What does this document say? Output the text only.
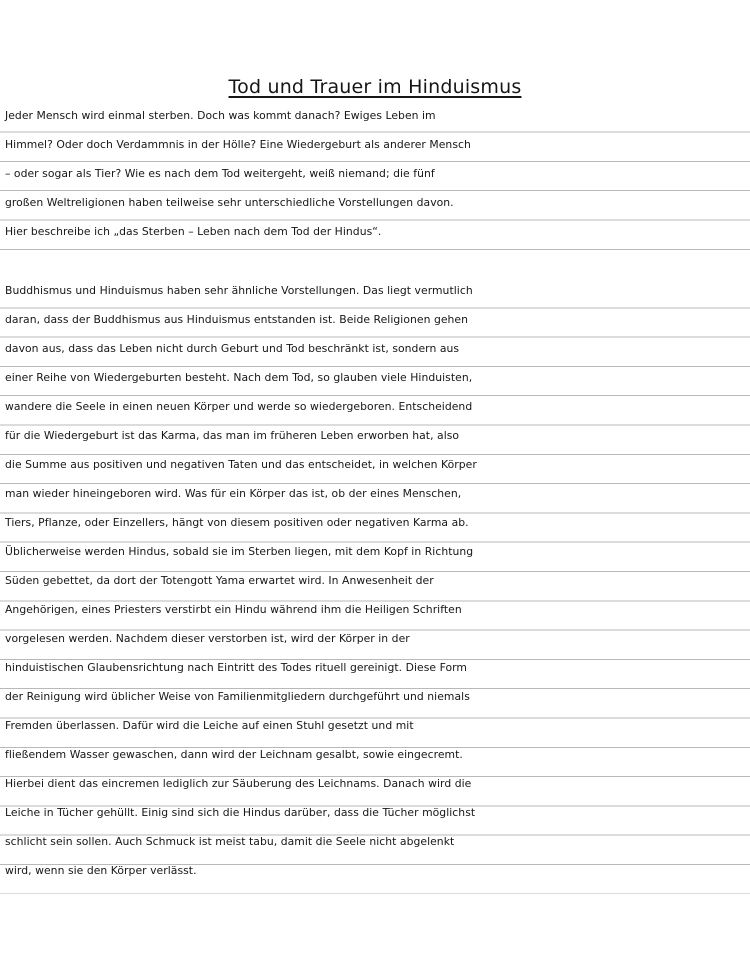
Tod und Trauer im Hinduismus
Jeder Mensch wird einmal sterben. Doch was kommt danach? Ewiges Leben im
Himmel? Oder doch Verdammnis in der Hölle? Eine Wiedergeburt als anderer Mensch
– oder sogar als Tier? Wie es nach dem Tod weitergeht, weiß niemand; die fünf
großen Weltreligionen haben teilweise sehr unterschiedliche Vorstellungen davon.
Hier beschreibe ich „das Sterben – Leben nach dem Tod der Hindus“.
Buddhismus und Hinduismus haben sehr ähnliche Vorstellungen. Das liegt vermutlich
daran, dass der Buddhismus aus Hinduismus entstanden ist. Beide Religionen gehen
davon aus, dass das Leben nicht durch Geburt und Tod beschränkt ist, sondern aus
einer Reihe von Wiedergeburten besteht. Nach dem Tod, so glauben viele Hinduisten,
wandere die Seele in einen neuen Körper und werde so wiedergeboren. Entscheidend
für die Wiedergeburt ist das Karma, das man im früheren Leben erworben hat, also
die Summe aus positiven und negativen Taten und das entscheidet, in welchen Körper
man wieder hineingeboren wird. Was für ein Körper das ist, ob der eines Menschen,
Tiers, Pflanze, oder Einzellers, hängt von diesem positiven oder negativen Karma ab.
Üblicherweise werden Hindus, sobald sie im Sterben liegen, mit dem Kopf in Richtung
Süden gebettet, da dort der Totengott Yama erwartet wird. In Anwesenheit der
Angehörigen, eines Priesters verstirbt ein Hindu während ihm die Heiligen Schriften
vorgelesen werden. Nachdem dieser verstorben ist, wird der Körper in der
hinduistischen Glaubensrichtung nach Eintritt des Todes rituell gereinigt. Diese Form
der Reinigung wird üblicher Weise von Familienmitgliedern durchgeführt und niemals
Fremden überlassen. Dafür wird die Leiche auf einen Stuhl gesetzt und mit
fließendem Wasser gewaschen, dann wird der Leichnam gesalbt, sowie eingecremt.
Hierbei dient das eincremen lediglich zur Säuberung des Leichnams. Danach wird die
Leiche in Tücher gehüllt. Einig sind sich die Hindus darüber, dass die Tücher möglichst
schlicht sein sollen. Auch Schmuck ist meist tabu, damit die Seele nicht abgelenkt
wird, wenn sie den Körper verlässt.
